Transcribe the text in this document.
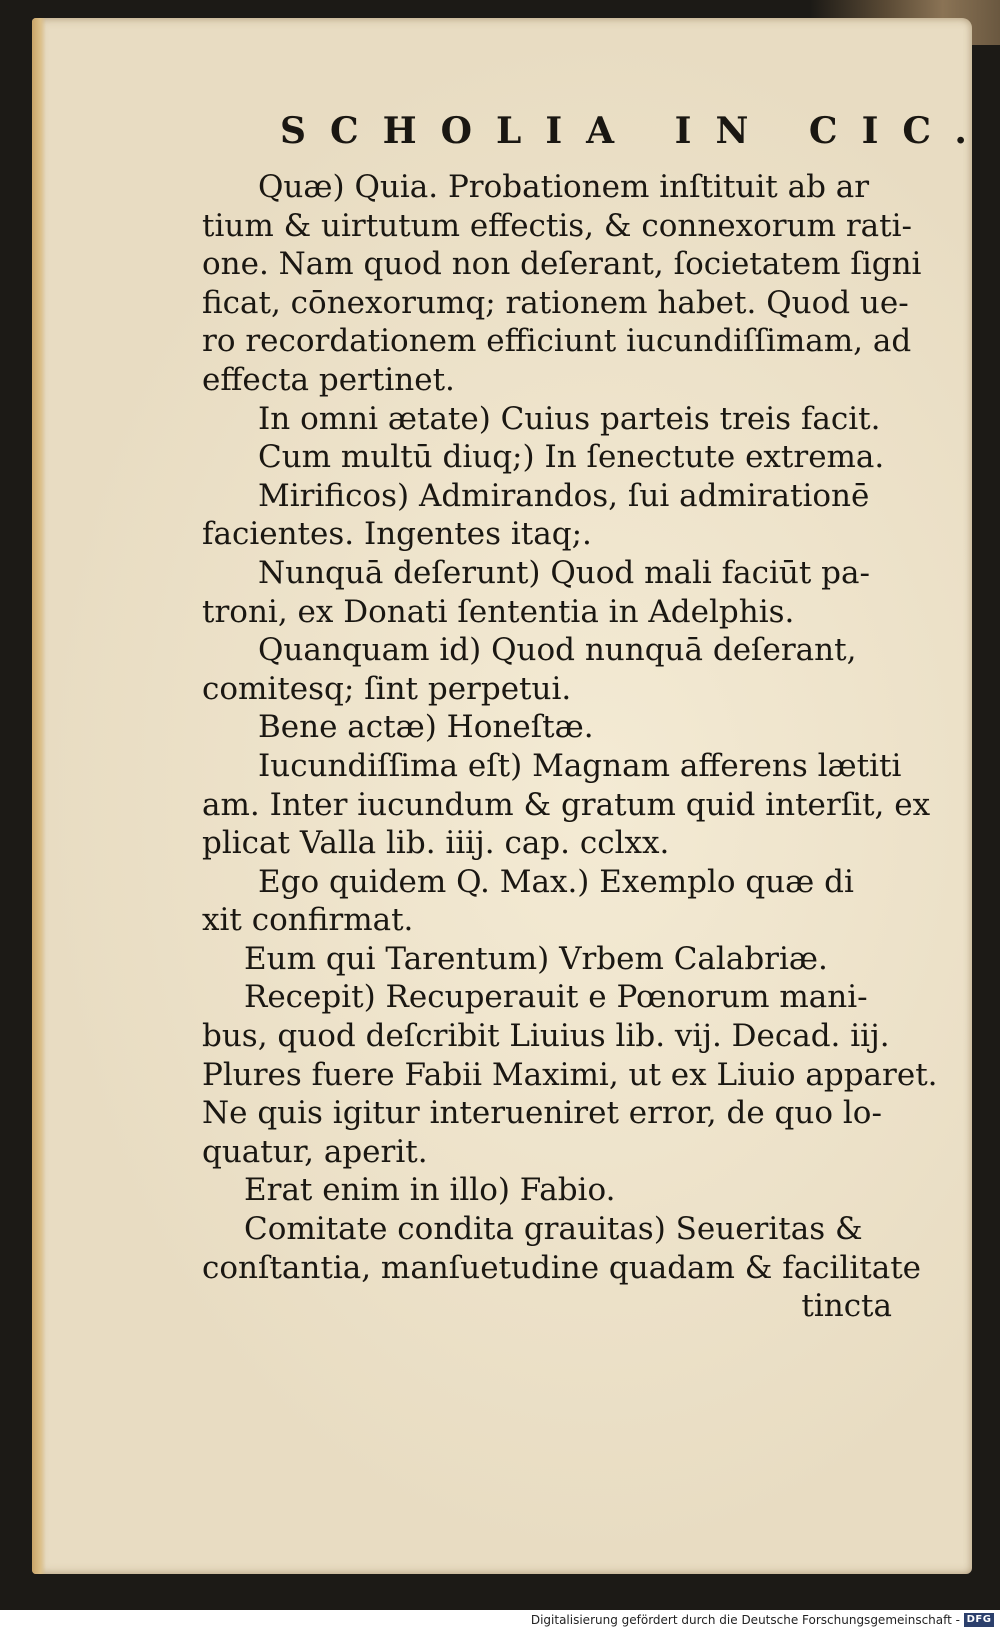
SCHOLIA IN CIC.
Quæ) Quia. Probationem inſtituit ab ar
tium & uirtutum effectis, & connexorum rati-
one. Nam quod non deſerant, ſocietatem ſigni
ficat, cōnexorumq; rationem habet. Quod ue-
ro recordationem efficiunt iucundiſſimam, ad
effecta pertinet.
In omni ætate) Cuius parteis treis facit.
Cum multū diuq;) In ſenectute extrema.
Mirificos) Admirandos, ſui admirationē
facientes. Ingentes itaq;.
Nunquā deſerunt) Quod mali faciūt pa-
troni, ex Donati ſententia in Adelphis.
Quanquam id) Quod nunquā deſerant,
comitesq; ſint perpetui.
Bene actæ) Honeſtæ.
Iucundiſſima eſt) Magnam afferens lætiti
am. Inter iucundum & gratum quid interſit, ex
plicat Valla lib. iiij. cap. cclxx.
Ego quidem Q. Max.) Exemplo quæ di
xit confirmat.
Eum qui Tarentum) Vrbem Calabriæ.
Recepit) Recuperauit e Pœnorum mani-
bus, quod deſcribit Liuius lib. vij. Decad. iij.
Plures fuere Fabii Maximi, ut ex Liuio apparet.
Ne quis igitur interueniret error, de quo lo-
quatur, aperit.
Erat enim in illo) Fabio.
Comitate condita grauitas) Seueritas &
conſtantia, manſuetudine quadam & facilitate
tincta
Digitalisierung gefördert durch die Deutsche Forschungsgemeinschaft - DFG
